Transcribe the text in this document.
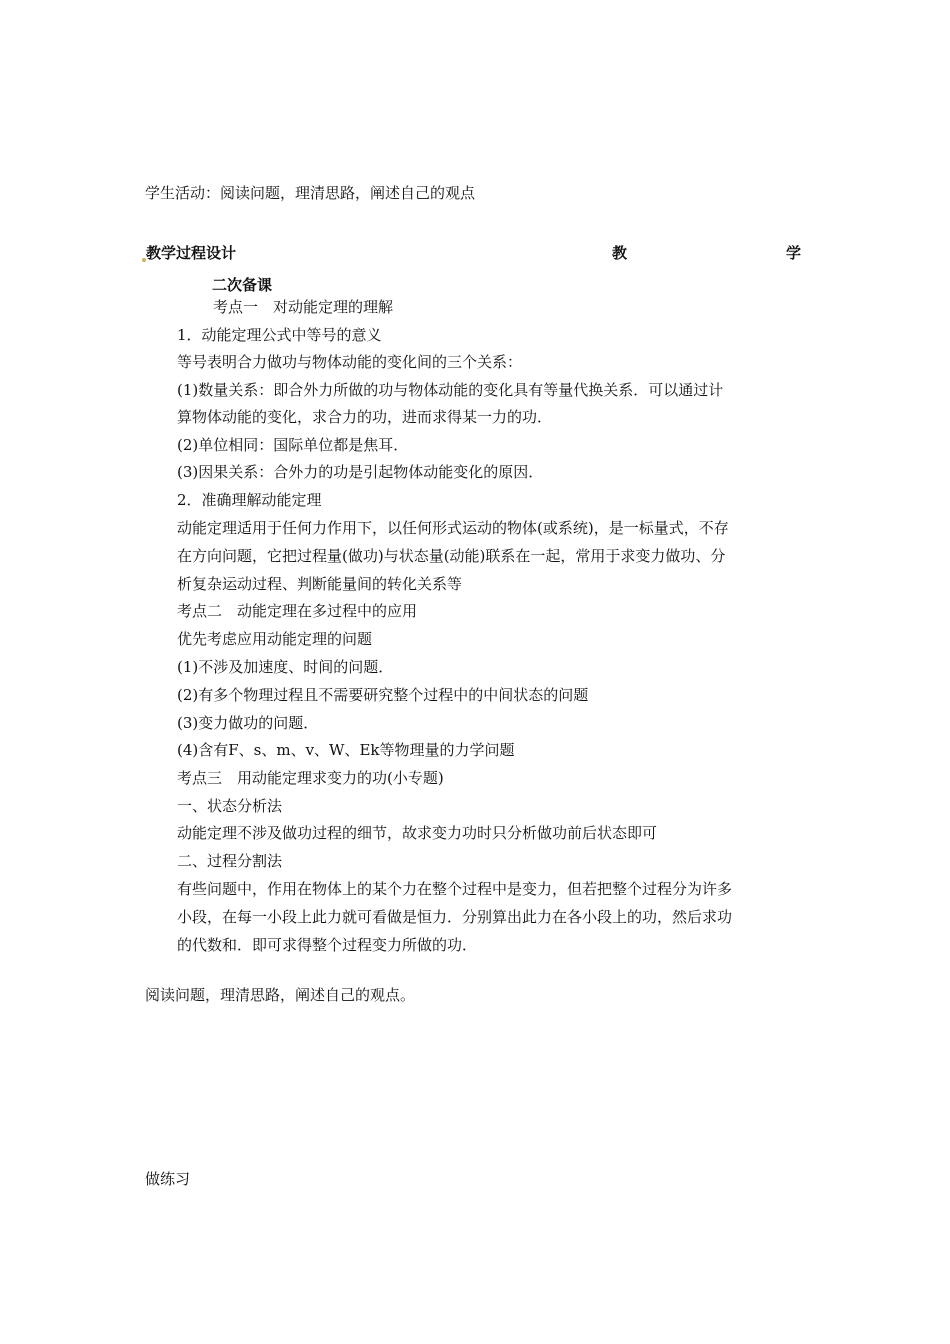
学生活动：阅读问题，理清思路，阐述自己的观点
教学过程设计	教	学
二次备课
考点一　对动能定理的理解
1．动能定理公式中等号的意义
等号表明合力做功与物体动能的变化间的三个关系：
(1)数量关系：即合外力所做的功与物体动能的变化具有等量代换关系．可以通过计
算物体动能的变化，求合力的功，进而求得某一力的功．
(2)单位相同：国际单位都是焦耳．
(3)因果关系：合外力的功是引起物体动能变化的原因．
2．准确理解动能定理
动能定理适用于任何力作用下，以任何形式运动的物体(或系统)，是一标量式，不存
在方向问题，它把过程量(做功)与状态量(动能)联系在一起，常用于求变力做功、分
析复杂运动过程、判断能量间的转化关系等
考点二　动能定理在多过程中的应用
优先考虑应用动能定理的问题
(1)不涉及加速度、时间的问题．
(2)有多个物理过程且不需要研究整个过程中的中间状态的问题
(3)变力做功的问题．
(4)含有F、s、m、v、W、Ek等物理量的力学问题
考点三　用动能定理求变力的功(小专题)
一、状态分析法
动能定理不涉及做功过程的细节，故求变力功时只分析做功前后状态即可
二、过程分割法
有些问题中，作用在物体上的某个力在整个过程中是变力，但若把整个过程分为许多
小段，在每一小段上此力就可看做是恒力．分别算出此力在各小段上的功，然后求功
的代数和．即可求得整个过程变力所做的功．
阅读问题，理清思路，阐述自己的观点。
做练习
